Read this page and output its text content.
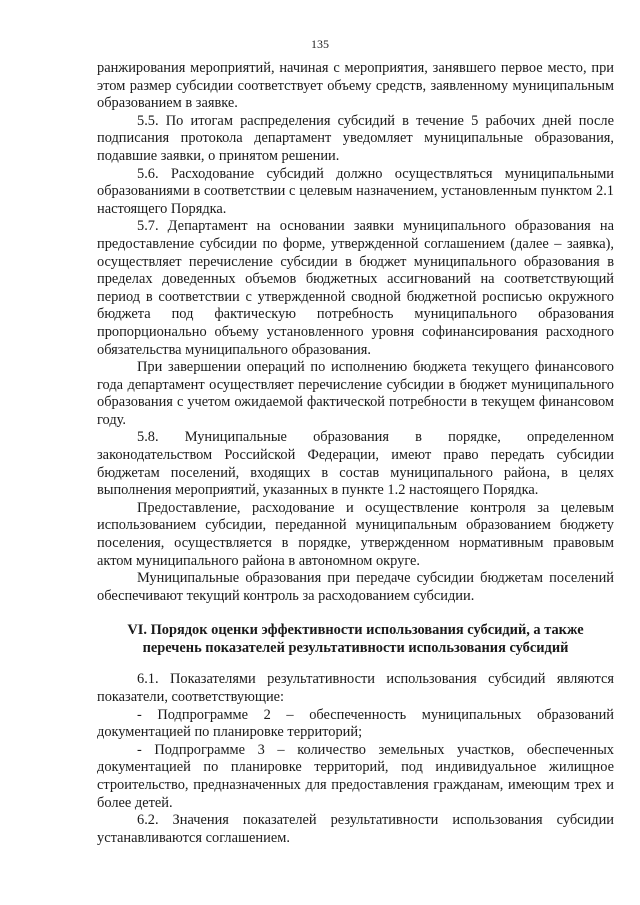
135

ранжирования мероприятий, начиная с мероприятия, занявшего первое место, при этом размер субсидии соответствует объему средств, заявленному муниципальным образованием в заявке.

5.5. По итогам распределения субсидий в течение 5 рабочих дней после подписания протокола департамент уведомляет муниципальные образования, подавшие заявки, о принятом решении.

5.6. Расходование субсидий должно осуществляться муниципальными образованиями в соответствии с целевым назначением, установленным пунктом 2.1 настоящего Порядка.

5.7. Департамент на основании заявки муниципального образования на предоставление субсидии по форме, утвержденной соглашением (далее – заявка), осуществляет перечисление субсидии в бюджет муниципального образования в пределах доведенных объемов бюджетных ассигнований на соответствующий период в соответствии с утвержденной сводной бюджетной росписью окружного бюджета под фактическую потребность муниципального образования пропорционально объему установленного уровня софинансирования расходного обязательства муниципального образования.

При завершении операций по исполнению бюджета текущего финансового года департамент осуществляет перечисление субсидии в бюджет муниципального образования с учетом ожидаемой фактической потребности в текущем финансовом году.

5.8. Муниципальные образования в порядке, определенном законодательством Российской Федерации, имеют право передать субсидии бюджетам поселений, входящих в состав муниципального района, в целях выполнения мероприятий, указанных в пункте 1.2 настоящего Порядка.

Предоставление, расходование и осуществление контроля за целевым использованием субсидии, переданной муниципальным образованием бюджету поселения, осуществляется в порядке, утвержденном нормативным правовым актом муниципального района в автономном округе.

Муниципальные образования при передаче субсидии бюджетам поселений обеспечивают текущий контроль за расходованием субсидии.

VI. Порядок оценки эффективности использования субсидий, а также
перечень показателей результативности использования субсидий

6.1. Показателями результативности использования субсидий являются показатели, соответствующие:

- Подпрограмме 2 – обеспеченность муниципальных образований документацией по планировке территорий;

- Подпрограмме 3 – количество земельных участков, обеспеченных документацией по планировке территорий, под индивидуальное жилищное строительство, предназначенных для предоставления гражданам, имеющим трех и более детей.

6.2. Значения показателей результативности использования субсидии устанавливаются соглашением.
